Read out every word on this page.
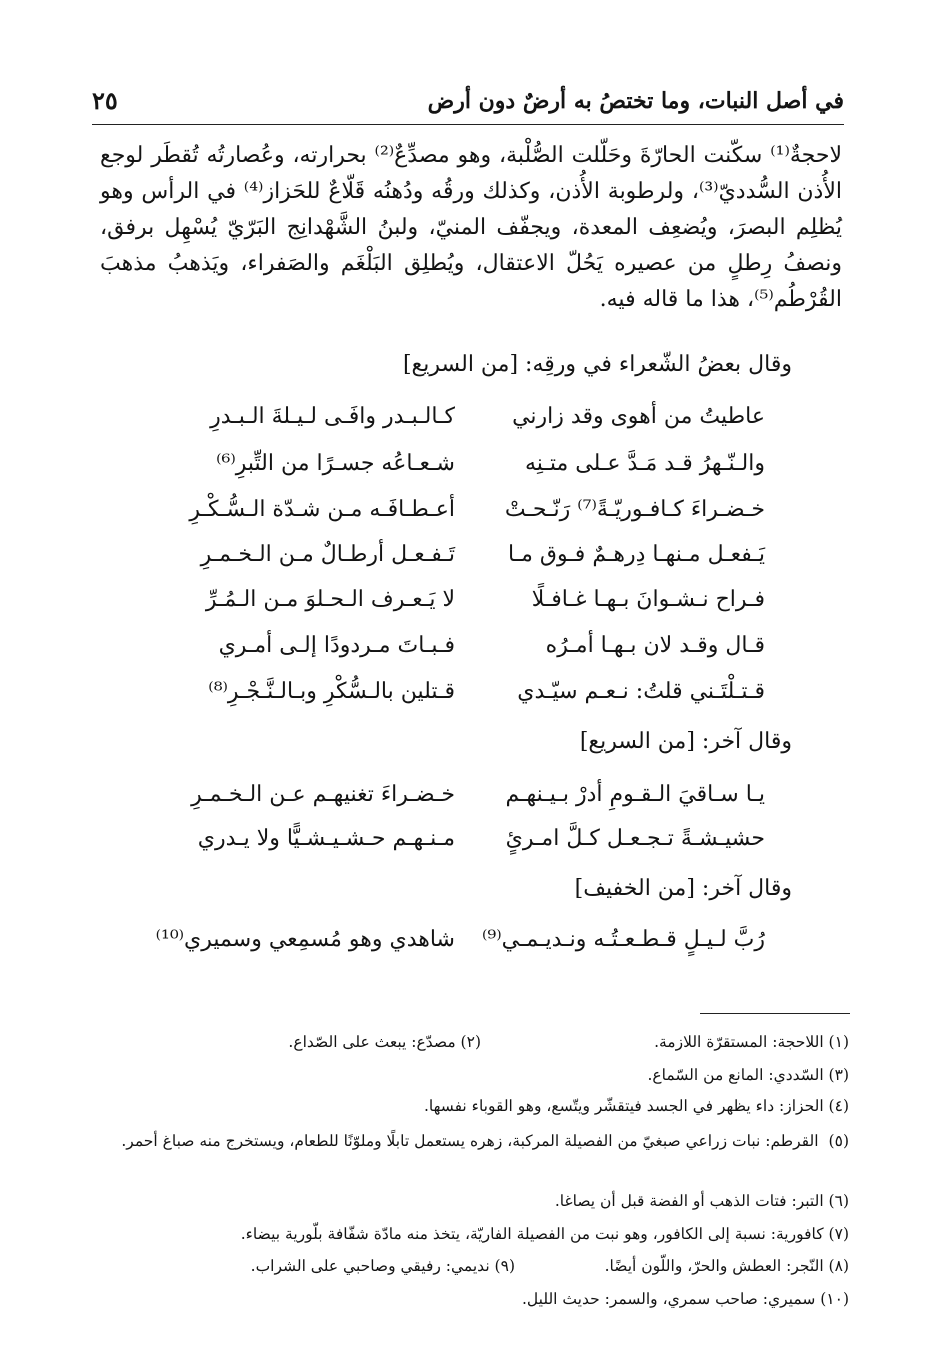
في أصل النبات، وما تختصُ به أرضٌ دون أرض
٢٥

لاحجةٌ⁽¹⁾ سكّنت الحارّةَ وحَلّلت الصُّلْبة، وهو مصدِّعٌ⁽²⁾ بحرارته، وعُصارتُه تُقطَر لوجع الأُذن السُّدديّ⁽³⁾، ولرطوبة الأُذن، وكذلك ورقُه ودُهنُه قَلّاعٌ للحَزاز⁽⁴⁾ في الرأس وهو يُظلِم البصرَ، ويُضعِف المعدة، ويجفّف المنيّ، ولبنُ الشَّهْدانِج البَرّيّ يُسْهِل برفق، ونصفُ رِطلٍ من عصيره يَحُلّ الاعتقال، ويُطلِق البَلْغَم والصَفراء، ويَذهبُ مذهبَ القُرْطُم⁽⁵⁾، هذا ما قاله فيه.

وقال بعضُ الشّعراء في ورقِه: [من السريع]
عاطيتُ من أهوى وقد زارني
كـالـبـدر وافَـى لـيـلةَ الـبـدرِ
والـنّـهرُ قـد مَـدَّ عـلى متـنِه
شـعـاعُه جسـرًا من التِّبرِ⁽⁶⁾
خـضـراءَ كـافـوريّـةً⁽⁷⁾ رَنّـحـتْ
أعـطـافَـه مـن شـدّة الـسُّـكْـرِ
يَـفعـل مـنهـا دِرهـمٌ فـوق مـا
تَـفـعـل أرطـالٌ مـن الـخـمـرِ
فـراح نـشـوانَ بـهـا غـافـلًا
لا يَـعـرف الـحـلوَ مـن الـمُـرِّ
قـال وقـد لان بـهـا أمـرُه
فـبـاتَ مـردودًا إلـى أمـري
قـتـلْتَـني قلتُ: نـعـم سيّـدي
قـتلين بالـسُّكْرِ وبـالـنَّـجْـرِ⁽⁸⁾
وقال آخر: [من السريع]
يـا سـاقيَ الـقـومِ أدرْ بـيـنهـم
خـضـراءَ تغنيهـم عـن الـخـمـرِ
حشيـشـةً تـجـعـل كـلَّ امـرئٍ
مـنـهـم حـشـيـشـيًّا ولا يـدري
وقال آخر: [من الخفيف]
رُبَّ لـيـلٍ قـطـعـتُـه ونـديـمـي⁽⁹⁾
شاهدي وهو مُسمِعي وسميري⁽¹⁰⁾
(١) اللاحجة: المستقرّة اللازمة.
(٢) مصدّع: يبعث على الصّداع.
(٣) السّددي: المانع من السّماع.
(٤) الحزاز: داء يظهر في الجسد فيتقشّر ويتّسع، وهو القوباء نفسها.
(٥)القرطم: نبات زراعي صبغيّ من الفصيلة المركبة، زهره يستعمل تابلًا وملوّنًا للطعام، ويستخرج منه صباغ أحمر.
(٦) التبر: فتات الذهب أو الفضة قبل أن يصاغا.
(٧) كافورية: نسبة إلى الكافور، وهو نبت من الفصيلة الفاريّة، يتخذ منه مادّة شفّافة بلّورية بيضاء.
(٨) النّجر: العطش والحرّ، واللّون أيضًا.
(٩) نديمي: رفيقي وصاحبي على الشراب.
(١٠) سميري: صاحب سمري، والسمر: حديث الليل.
